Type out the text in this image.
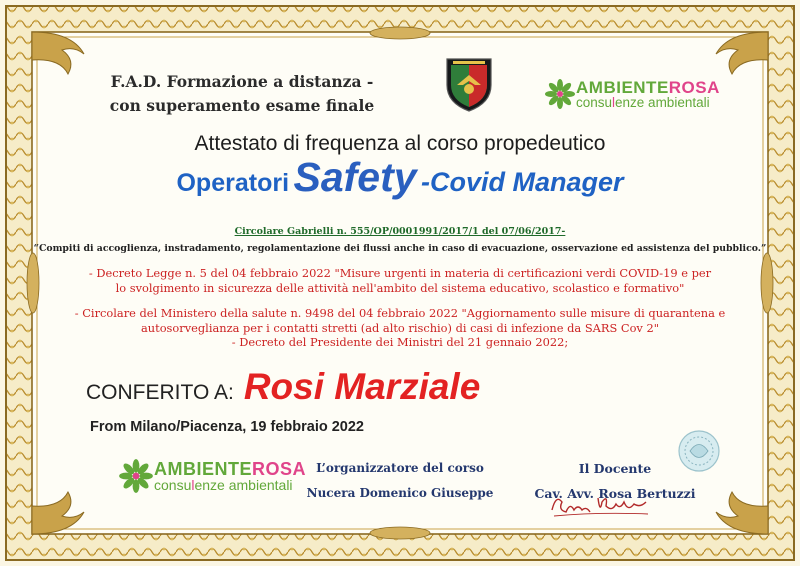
F.A.D. Formazione a distanza -
con superamento esame finale
AMBIENTEROSA
consulenze ambientali
Attestato di frequenza al corso propedeutico
Operatori Safety -Covid Manager
Circolare Gabrielli n. 555/OP/0001991/2017/1 del 07/06/2017-
“Compiti di accoglienza, instradamento, regolamentazione dei flussi anche in caso di evacuazione, osservazione ed assistenza del pubblico.”
- Decreto Legge n. 5 del 04 febbraio 2022 "Misure urgenti in materia di certificazioni verdi COVID-19 e per
lo svolgimento in sicurezza delle attività nell'ambito del sistema educativo, scolastico e formativo"
- Circolare del Ministero della salute n. 9498 del 04 febbraio 2022 "Aggiornamento sulle misure di quarantena e
autosorveglianza per i contatti stretti (ad alto rischio) di casi di infezione da SARS Cov 2"
- Decreto del Presidente dei Ministri del 21 gennaio 2022;
CONFERITO A: Rosi Marziale
From Milano/Piacenza, 19 febbraio 2022
AMBIENTEROSA
consulenze ambientali
L’organizzatore del corso
Nucera Domenico Giuseppe
Il Docente
Cav. Avv. Rosa Bertuzzi
